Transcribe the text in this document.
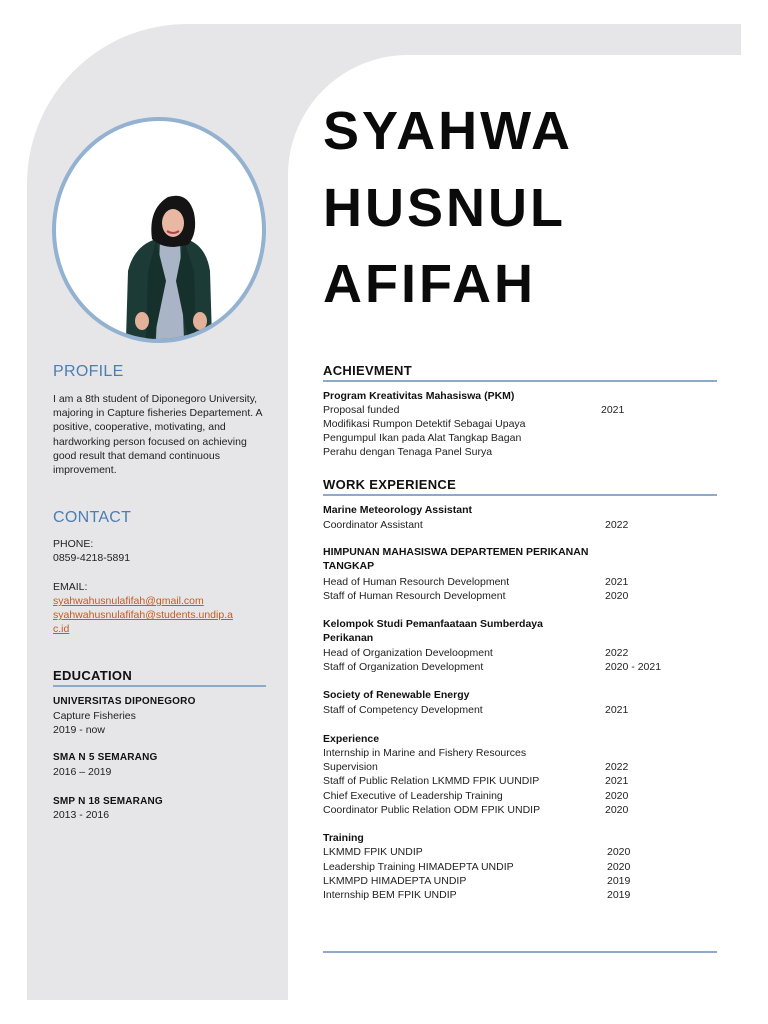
PROFILE
I am a 8th student of Diponegoro University, majoring in Capture fisheries Departement. A positive, cooperative, motivating, and hardworking person focused on achieving good result that demand continuous improvement.
CONTACT
PHONE:
0859-4218-5891
EMAIL:
syahwahusnulafifah@gmail.com
syahwahusnulafifah@students.undip.a
c.id
EDUCATION
UNIVERSITAS DIPONEGORO
Capture Fisheries
2019 - now
SMA N 5 SEMARANG
2016 – 2019
SMP N 18 SEMARANG
2013 - 2016
SYAHWA
HUSNUL
AFIFAH
ACHIEVMENT
Program Kreativitas Mahasiswa (PKM)
Proposal funded	2021
Modifikasi Rumpon Detektif Sebagai Upaya
Pengumpul Ikan pada Alat Tangkap Bagan
Perahu dengan Tenaga Panel Surya
WORK EXPERIENCE
Marine Meteorology Assistant
Coordinator Assistant	2022
HIMPUNAN MAHASISWA DEPARTEMEN PERIKANAN
TANGKAP
Head of Human Resourch Development	2021
Staff of Human Resourch Development	2020
Kelompok Studi Pemanfaataan Sumberdaya
Perikanan
Head of Organization Develoopment	2022
Staff of Organization Development	2020 - 2021
Society of Renewable Energy
Staff of Competency Development	2021
Experience
Internship in Marine and Fishery Resources
Supervision	2022
Staff of Public Relation LKMMD FPIK UUNDIP	2021
Chief Executive of Leadership Training	2020
Coordinator Public Relation ODM FPIK UNDIP	2020
Training
LKMMD FPIK UNDIP	2020
Leadership Training HIMADEPTA UNDIP	2020
LKMMPD HIMADEPTA UNDIP	2019
Internship BEM FPIK UNDIP	2019
